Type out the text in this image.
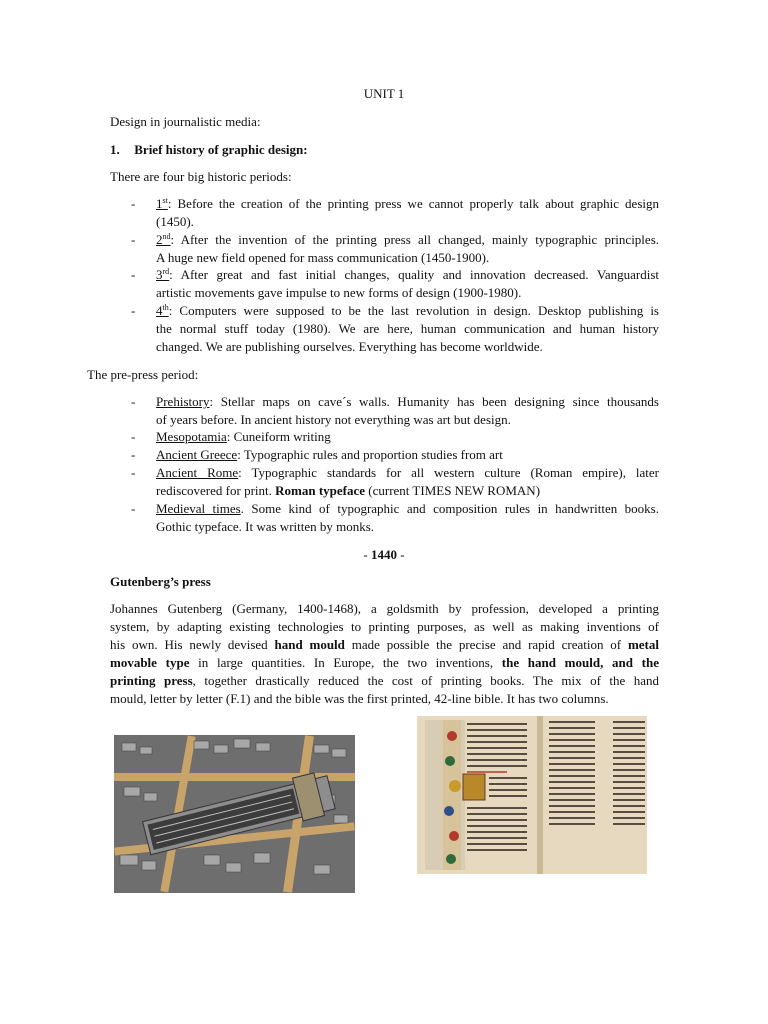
UNIT 1
Design in journalistic media:
1. Brief history of graphic design:
There are four big historic periods:
- 1st: Before the creation of the printing press we cannot properly talk about graphic design
(1450).
- 2nd: After the invention of the printing press all changed, mainly typographic principles.
A huge new field opened for mass communication (1450-1900).
- 3rd: After great and fast initial changes, quality and innovation decreased. Vanguardist
artistic movements gave impulse to new forms of design (1900-1980).
- 4th: Computers were supposed to be the last revolution in design. Desktop publishing is
the normal stuff today (1980). We are here, human communication and human history
changed. We are publishing ourselves. Everything has become worldwide.
The pre-press period:
- Prehistory: Stellar maps on cave´s walls. Humanity has been designing since thousands
of years before. In ancient history not everything was art but design.
- Mesopotamia: Cuneiform writing
- Ancient Greece: Typographic rules and proportion studies from art
- Ancient Rome: Typographic standards for all western culture (Roman empire), later
rediscovered for print. Roman typeface (current TIMES NEW ROMAN)
- Medieval times. Some kind of typographic and composition rules in handwritten books.
Gothic typeface. It was written by monks.
- 1440 -
Gutenberg’s press
Johannes Gutenberg (Germany, 1400-1468), a goldsmith by profession, developed a printing
system, by adapting existing technologies to printing purposes, as well as making inventions of
his own. His newly devised hand mould made possible the precise and rapid creation of metal
movable type in large quantities. In Europe, the two inventions, the hand mould, and the
printing press, together drastically reduced the cost of printing books. The mix of the hand
mould, letter by letter (F.1) and the bible was the first printed, 42-line bible. It has two columns.
